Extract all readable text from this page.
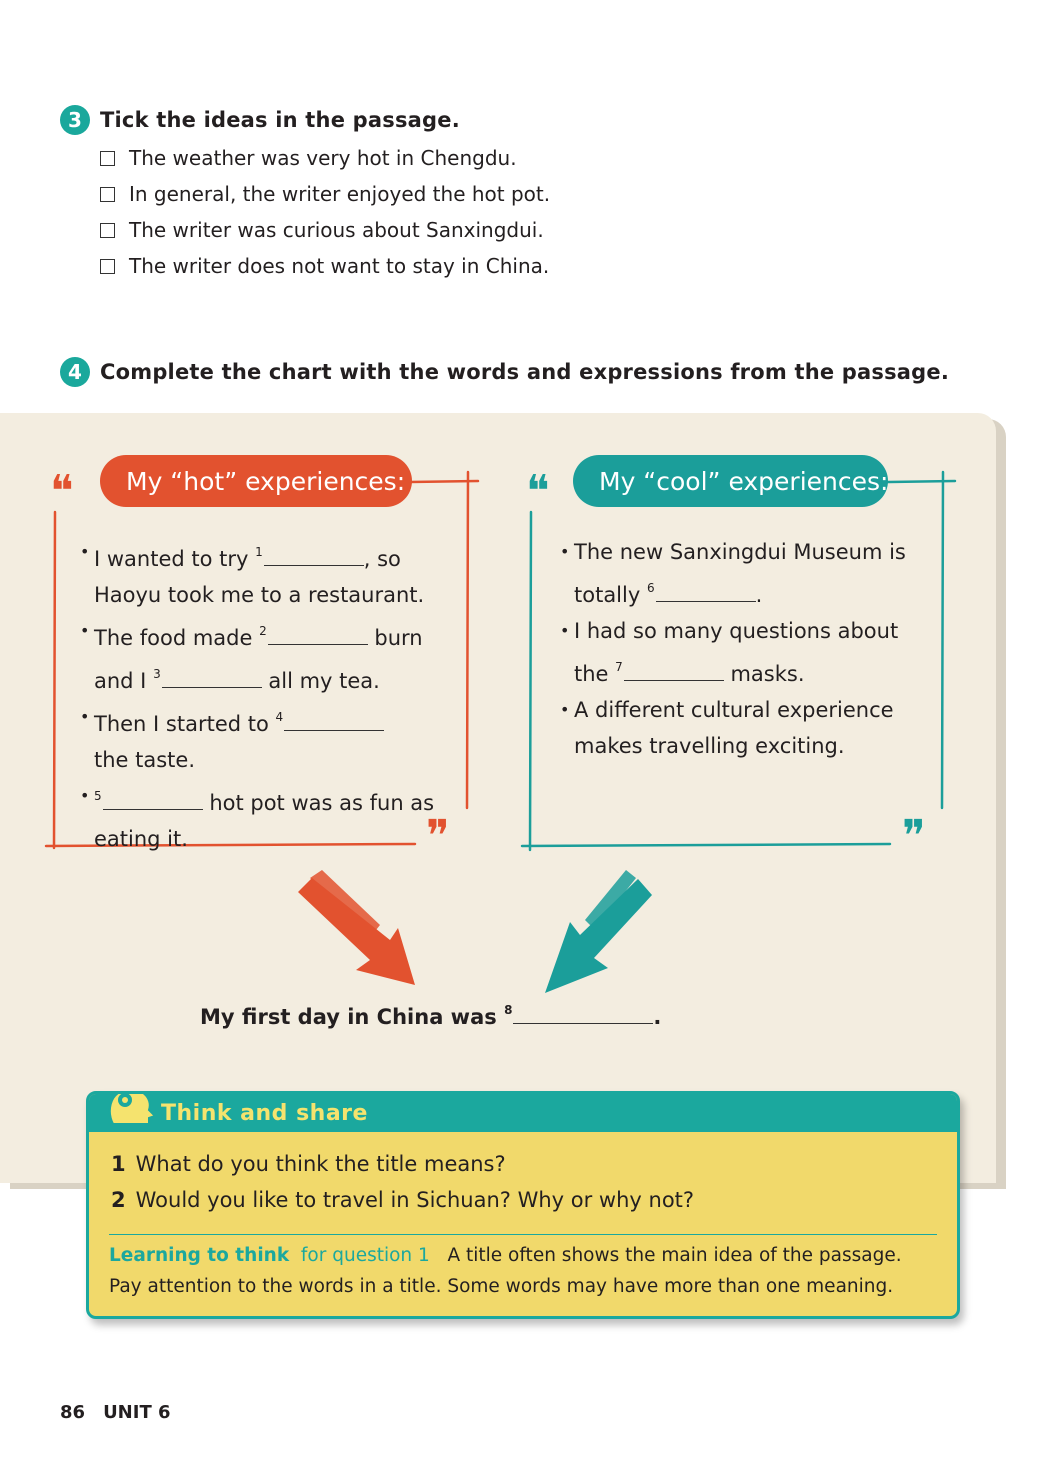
3 Tick the ideas in the passage.
The weather was very hot in Chengdu.
In general, the writer enjoyed the hot pot.
The writer was curious about Sanxingdui.
The writer does not want to stay in China.
4 Complete the chart with the words and expressions from the passage.
❝
❞
❝
❞
My “hot” experiences:	My “cool” experiences:
• I wanted to try $^1$	, so
Haoyu took me to a restaurant.
• The food made $^2$	burn
and I $^3$	all my tea.
• Then I started to $^4$
the taste.
• $^5$	hot pot was as fun as
eating it.
• The new Sanxingdui Museum is
totally $^6$	.
• I had so many questions about
the $^7$	masks.
• A different cultural experience
makes travelling exciting.
My first day in China was $^8$	.
Think and share
1 What do you think the title means?
2 Would you like to travel in Sichuan? Why or why not?
Learning to think for question 1 A title often shows the main idea of the passage.
Pay attention to the words in a title. Some words may have more than one meaning.
86 UNIT 6
